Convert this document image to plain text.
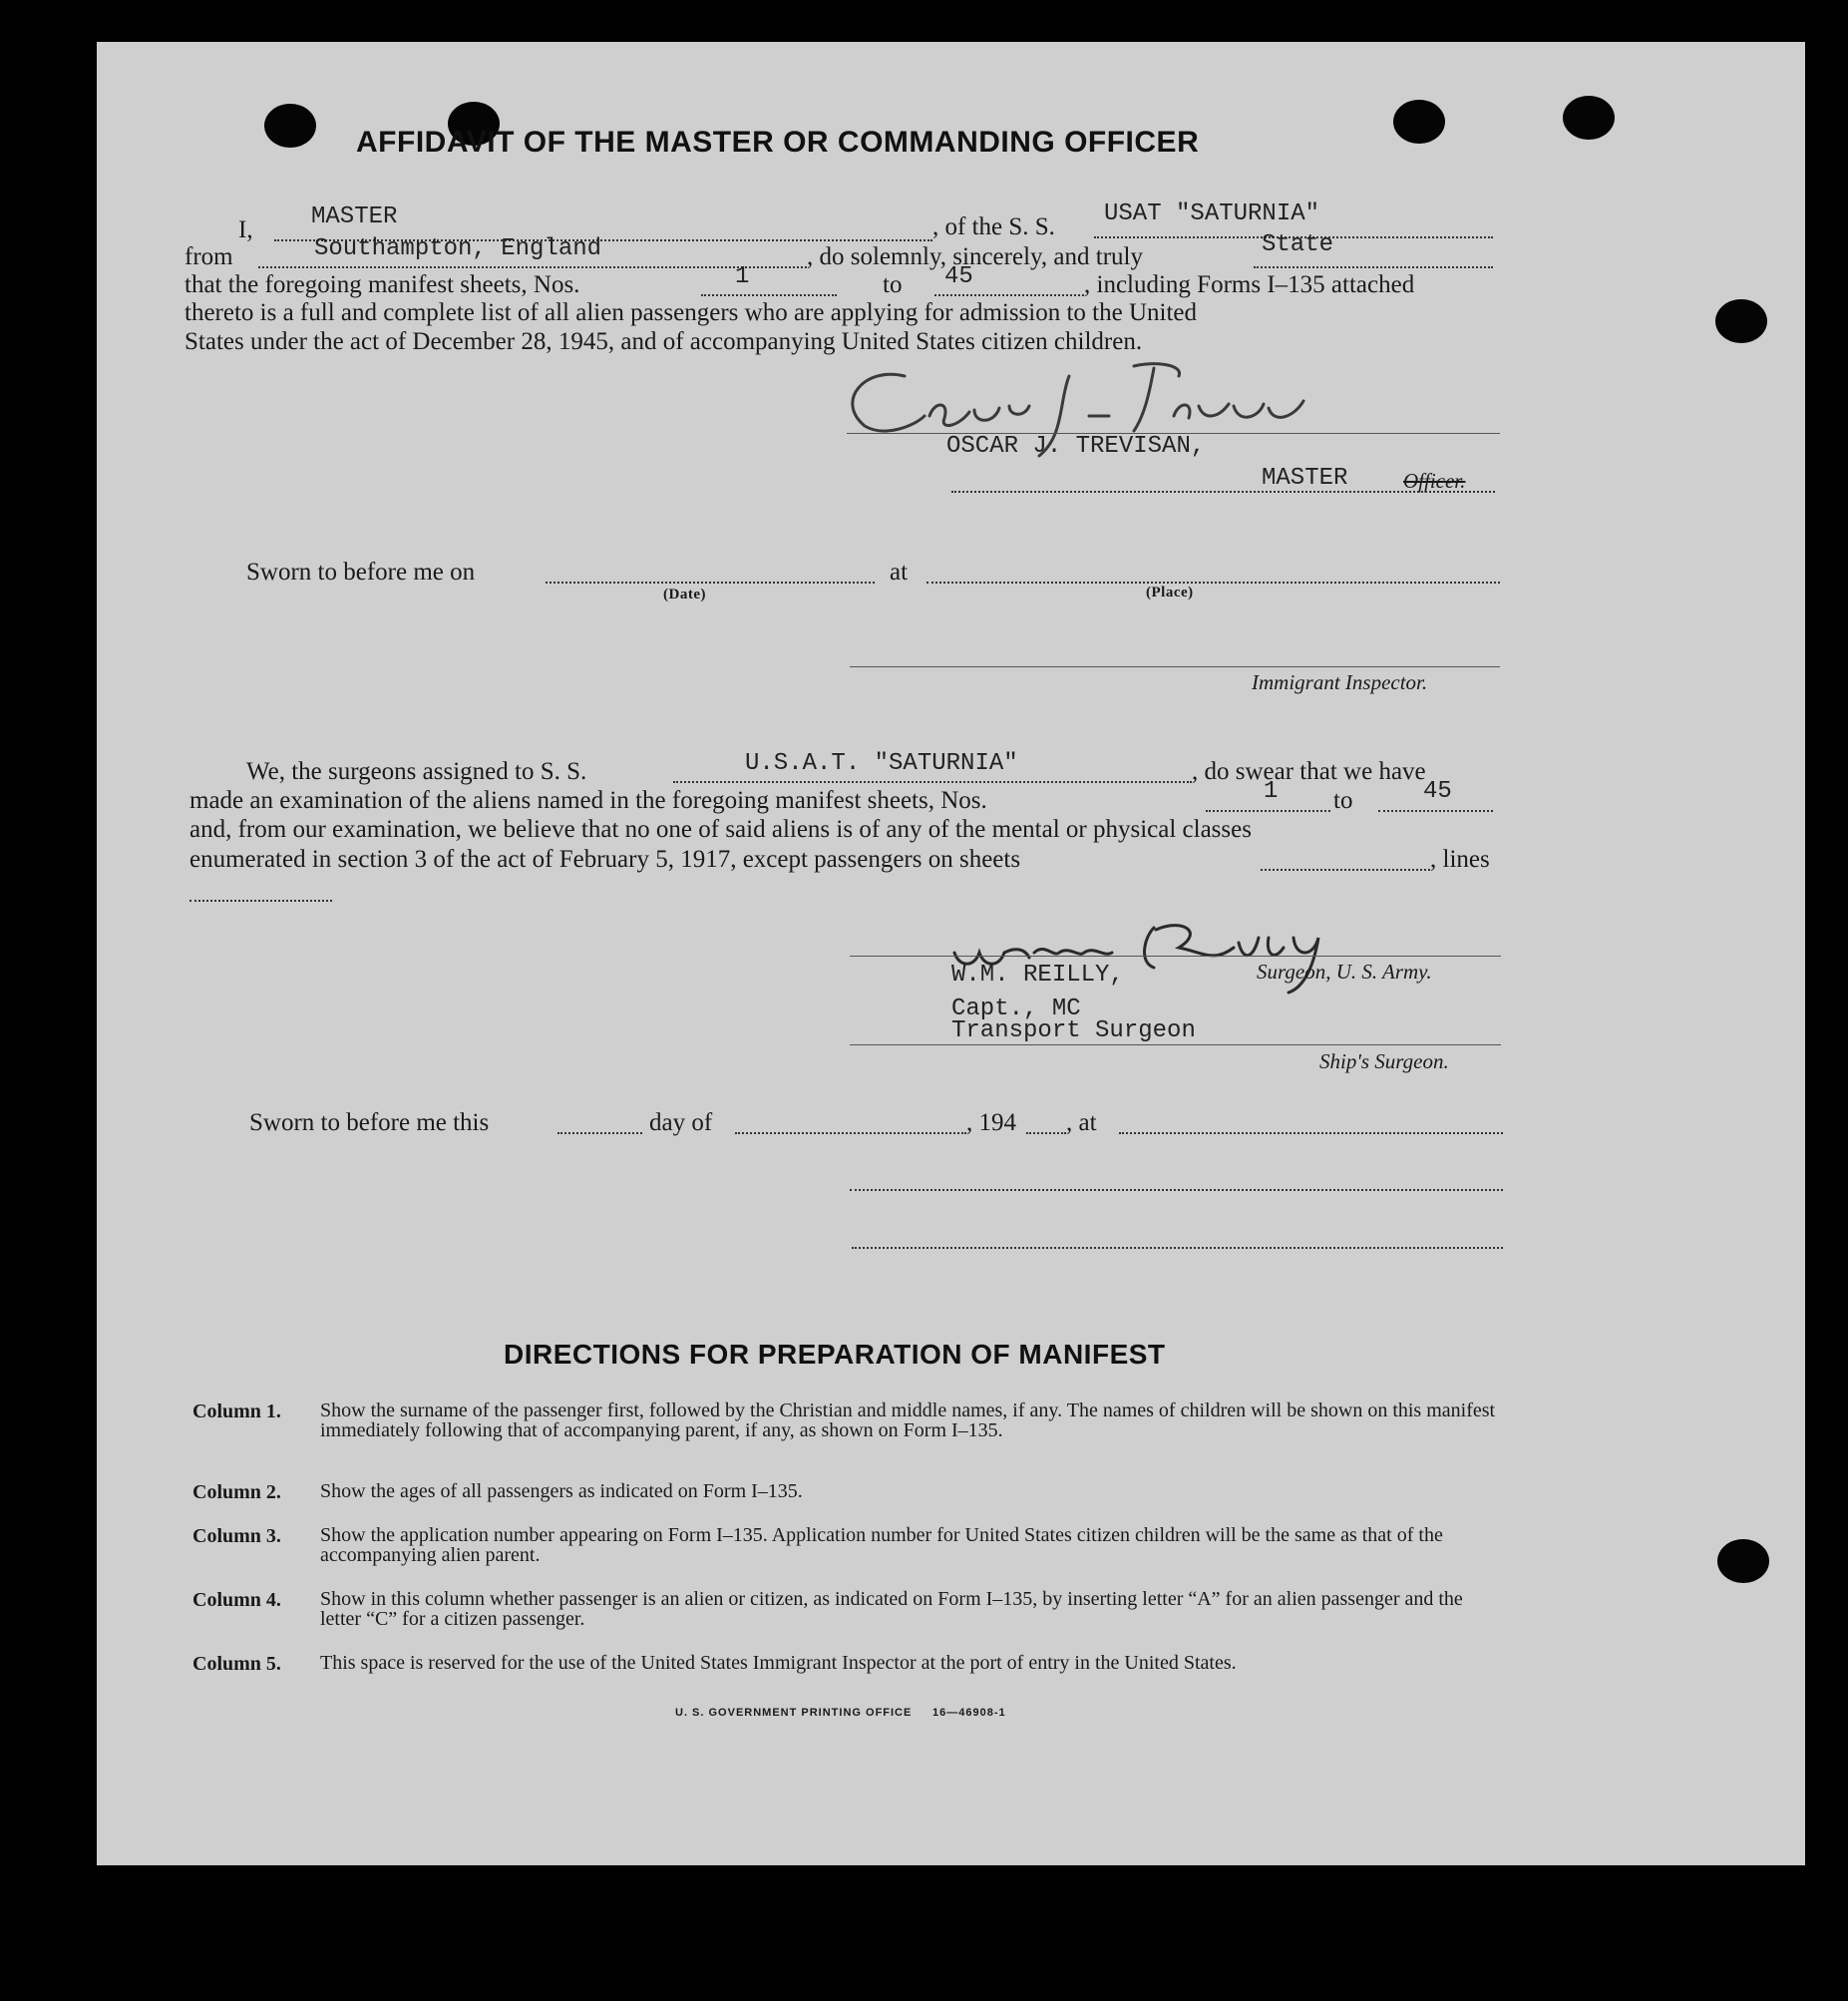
AFFIDAVIT OF THE MASTER OR COMMANDING OFFICER
I, MASTER	, of the S. S. USAT "SATURNIA"
from	Southampton, England	, do solemnly, sincerely, and truly	State
that the foregoing manifest sheets, Nos.	1	to 45	, including Forms I–135 attached
thereto is a full and complete list of all alien passengers who are applying for admission to the United
States under the act of December 28, 1945, and of accompanying United States citizen children.
OSCAR J. TREVISAN,
MASTER	Officer.
Sworn to before me on	at
(Date)	(Place)
Immigrant Inspector.
We, the surgeons assigned to S. S.	U.S.A.T. "SATURNIA"	, do swear that we have
made an examination of the aliens named in the foregoing manifest sheets, Nos.	1 to	45
and, from our examination, we believe that no one of said aliens is of any of the mental or physical classes
enumerated in section 3 of the act of February 5, 1917, except passengers on sheets	, lines
W.M. REILLY,	Surgeon, U. S. Army.
Capt., MC
Transport Surgeon
Ship's Surgeon.
Sworn to before me this	day of	, 194 , at
DIRECTIONS FOR PREPARATION OF MANIFEST
Column 1. Show the surname of the passenger first, followed by the Christian and middle names, if any. The names of children will be shown on this manifest immediately following that of accompanying parent, if any, as shown on Form I–135.
Column 2. Show the ages of all passengers as indicated on Form I–135.
Column 3. Show the application number appearing on Form I–135. Application number for United States citizen children will be the same as that of the accompanying alien parent.
Column 4. Show in this column whether passenger is an alien or citizen, as indicated on Form I–135, by inserting letter “A” for an alien passenger and the letter “C” for a citizen passenger.
Column 5. This space is reserved for the use of the United States Immigrant Inspector at the port of entry in the United States.
U. S. GOVERNMENT PRINTING OFFICE 16—46908-1
